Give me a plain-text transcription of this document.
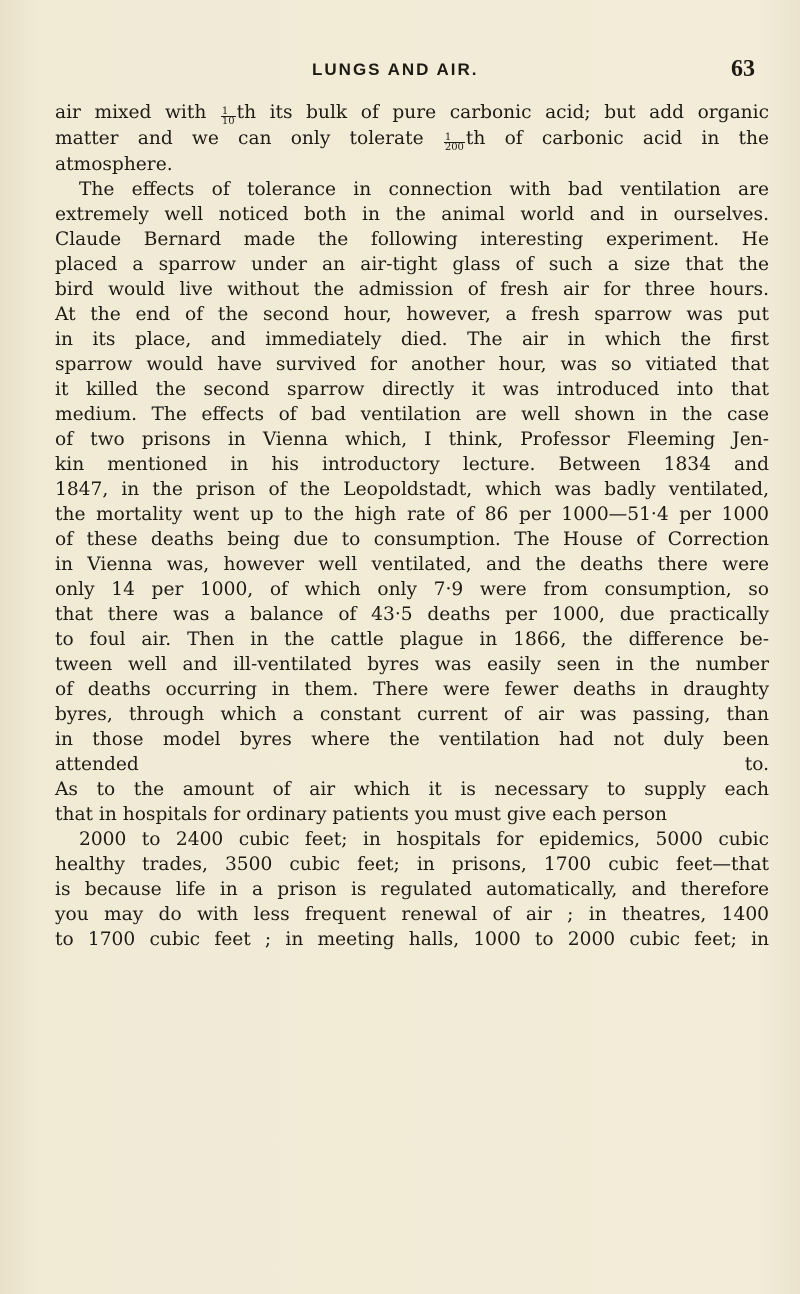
LUNGS AND AIR.	63
air mixed with $\frac{1}{10}$ th its bulk of pure carbonic acid; but add organic
matter and we can only tolerate $\frac{1}{200}$ th of carbonic acid in the
atmosphere.
The effects of tolerance in connection with bad ventilation are
extremely well noticed both in the animal world and in ourselves.
Claude Bernard made the following interesting experiment. He
placed a sparrow under an air-tight glass of such a size that the
bird would live without the admission of fresh air for three hours.
At the end of the second hour, however, a fresh sparrow was put
in its place, and immediately died. The air in which the first
sparrow would have survived for another hour, was so vitiated that
it killed the second sparrow directly it was introduced into that
medium. The effects of bad ventilation are well shown in the case
of two prisons in Vienna which, I think, Professor Fleeming Jen-
kin mentioned in his introductory lecture. Between 1834 and
1847, in the prison of the Leopoldstadt, which was badly ventilated,
the mortality went up to the high rate of 86 per 1000—51·4 per 1000
of these deaths being due to consumption. The House of Correction
in Vienna was, however well ventilated, and the deaths there were
only 14 per 1000, of which only 7·9 were from consumption, so
that there was a balance of 43·5 deaths per 1000, due practically
to foul air. Then in the cattle plague in 1866, the difference be-
tween well and ill-ventilated byres was easily seen in the number
of deaths occurring in them. There were fewer deaths in draughty
byres, through which a constant current of air was passing, than
in those model byres where the ventilation had not duly been
attended to.
As to the amount of air which it is necessary to supply each
that in hospitals for ordinary patients you must give each person
2000 to 2400 cubic feet; in hospitals for epidemics, 5000 cubic
healthy trades, 3500 cubic feet; in prisons, 1700 cubic feet—that
is because life in a prison is regulated automatically, and therefore
you may do with less frequent renewal of air ; in theatres, 1400
to 1700 cubic feet ; in meeting halls, 1000 to 2000 cubic feet; in
